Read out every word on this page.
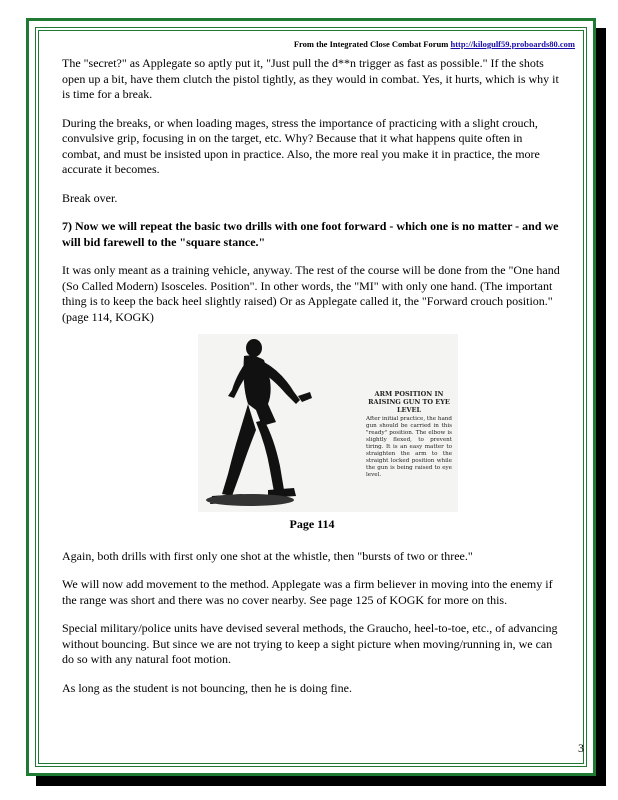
From the Integrated Close Combat Forum http://kilogulf59.proboards80.com

The "secret?" as Applegate so aptly put it, "Just pull the d**n trigger as fast as possible." If the shots open up a bit, have them clutch the pistol tightly, as they would in combat. Yes, it hurts, which is why it is time for a break.

During the breaks, or when loading mages, stress the importance of practicing with a slight crouch, convulsive grip, focusing in on the target, etc. Why? Because that it what happens quite often in combat, and must be insisted upon in practice. Also, the more real you make it in practice, the more accurate it becomes.

Break over.

7) Now we will repeat the basic two drills with one foot forward - which one is no matter - and we will bid farewell to the "square stance."

It was only meant as a training vehicle, anyway. The rest of the course will be done from the "One hand (So Called Modern) Isosceles. Position". In other words, the "MI" with only one hand. (The important thing is to keep the back heel slightly raised) Or as Applegate called it, the "Forward crouch position." (page 114, KOGK)

ARM POSITION IN RAISING GUN TO EYE LEVEL
After initial practice, the hand gun should be carried in this "ready" position. The elbow is slightly flexed, to prevent tiring. It is an easy matter to straighten the arm to the straight locked position while the gun is being raised to eye level.
Page 114

Again, both drills with first only one shot at the whistle, then "bursts of two or three."

We will now add movement to the method. Applegate was a firm believer in moving into the enemy if the range was short and there was no cover nearby. See page 125 of KOGK for more on this.

Special military/police units have devised several methods, the Graucho, heel-to-toe, etc., of advancing without bouncing. But since we are not trying to keep a sight picture when moving/running in, we can do so with any natural foot motion.

As long as the student is not bouncing, then he is doing fine.

3
